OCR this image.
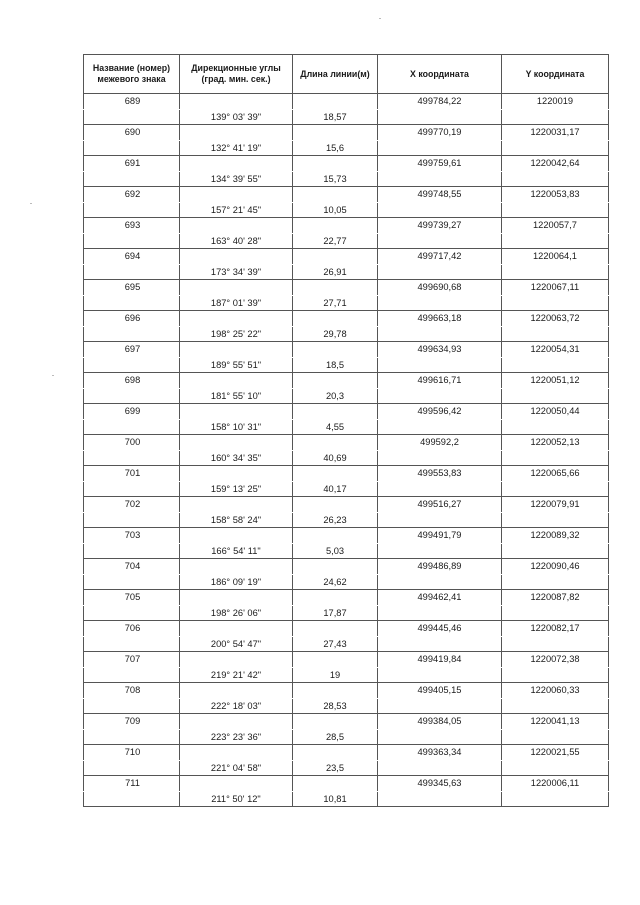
Название (номер) межевого знака	Дирекционные углы (град. мин. сек.)	Длина линии(м)	X координата	Y координата
689			499784,22	1220019
	139° 03' 39"	18,57		
690			499770,19	1220031,17
	132° 41' 19"	15,6		
691			499759,61	1220042,64
	134° 39' 55"	15,73		
692			499748,55	1220053,83
	157° 21' 45"	10,05		
693			499739,27	1220057,7
	163° 40' 28"	22,77		
694			499717,42	1220064,1
	173° 34' 39"	26,91		
695			499690,68	1220067,11
	187° 01' 39"	27,71		
696			499663,18	1220063,72
	198° 25' 22"	29,78		
697			499634,93	1220054,31
	189° 55' 51"	18,5		
698			499616,71	1220051,12
	181° 55' 10"	20,3		
699			499596,42	1220050,44
	158° 10' 31"	4,55		
700			499592,2	1220052,13
	160° 34' 35"	40,69		
701			499553,83	1220065,66
	159° 13' 25"	40,17		
702			499516,27	1220079,91
	158° 58' 24"	26,23		
703			499491,79	1220089,32
	166° 54' 11"	5,03		
704			499486,89	1220090,46
	186° 09' 19"	24,62		
705			499462,41	1220087,82
	198° 26' 06"	17,87		
706			499445,46	1220082,17
	200° 54' 47"	27,43		
707			499419,84	1220072,38
	219° 21' 42"	19		
708			499405,15	1220060,33
	222° 18' 03"	28,53		
709			499384,05	1220041,13
	223° 23' 36"	28,5		
710			499363,34	1220021,55
	221° 04' 58"	23,5		
711			499345,63	1220006,11
	211° 50' 12"	10,81		
